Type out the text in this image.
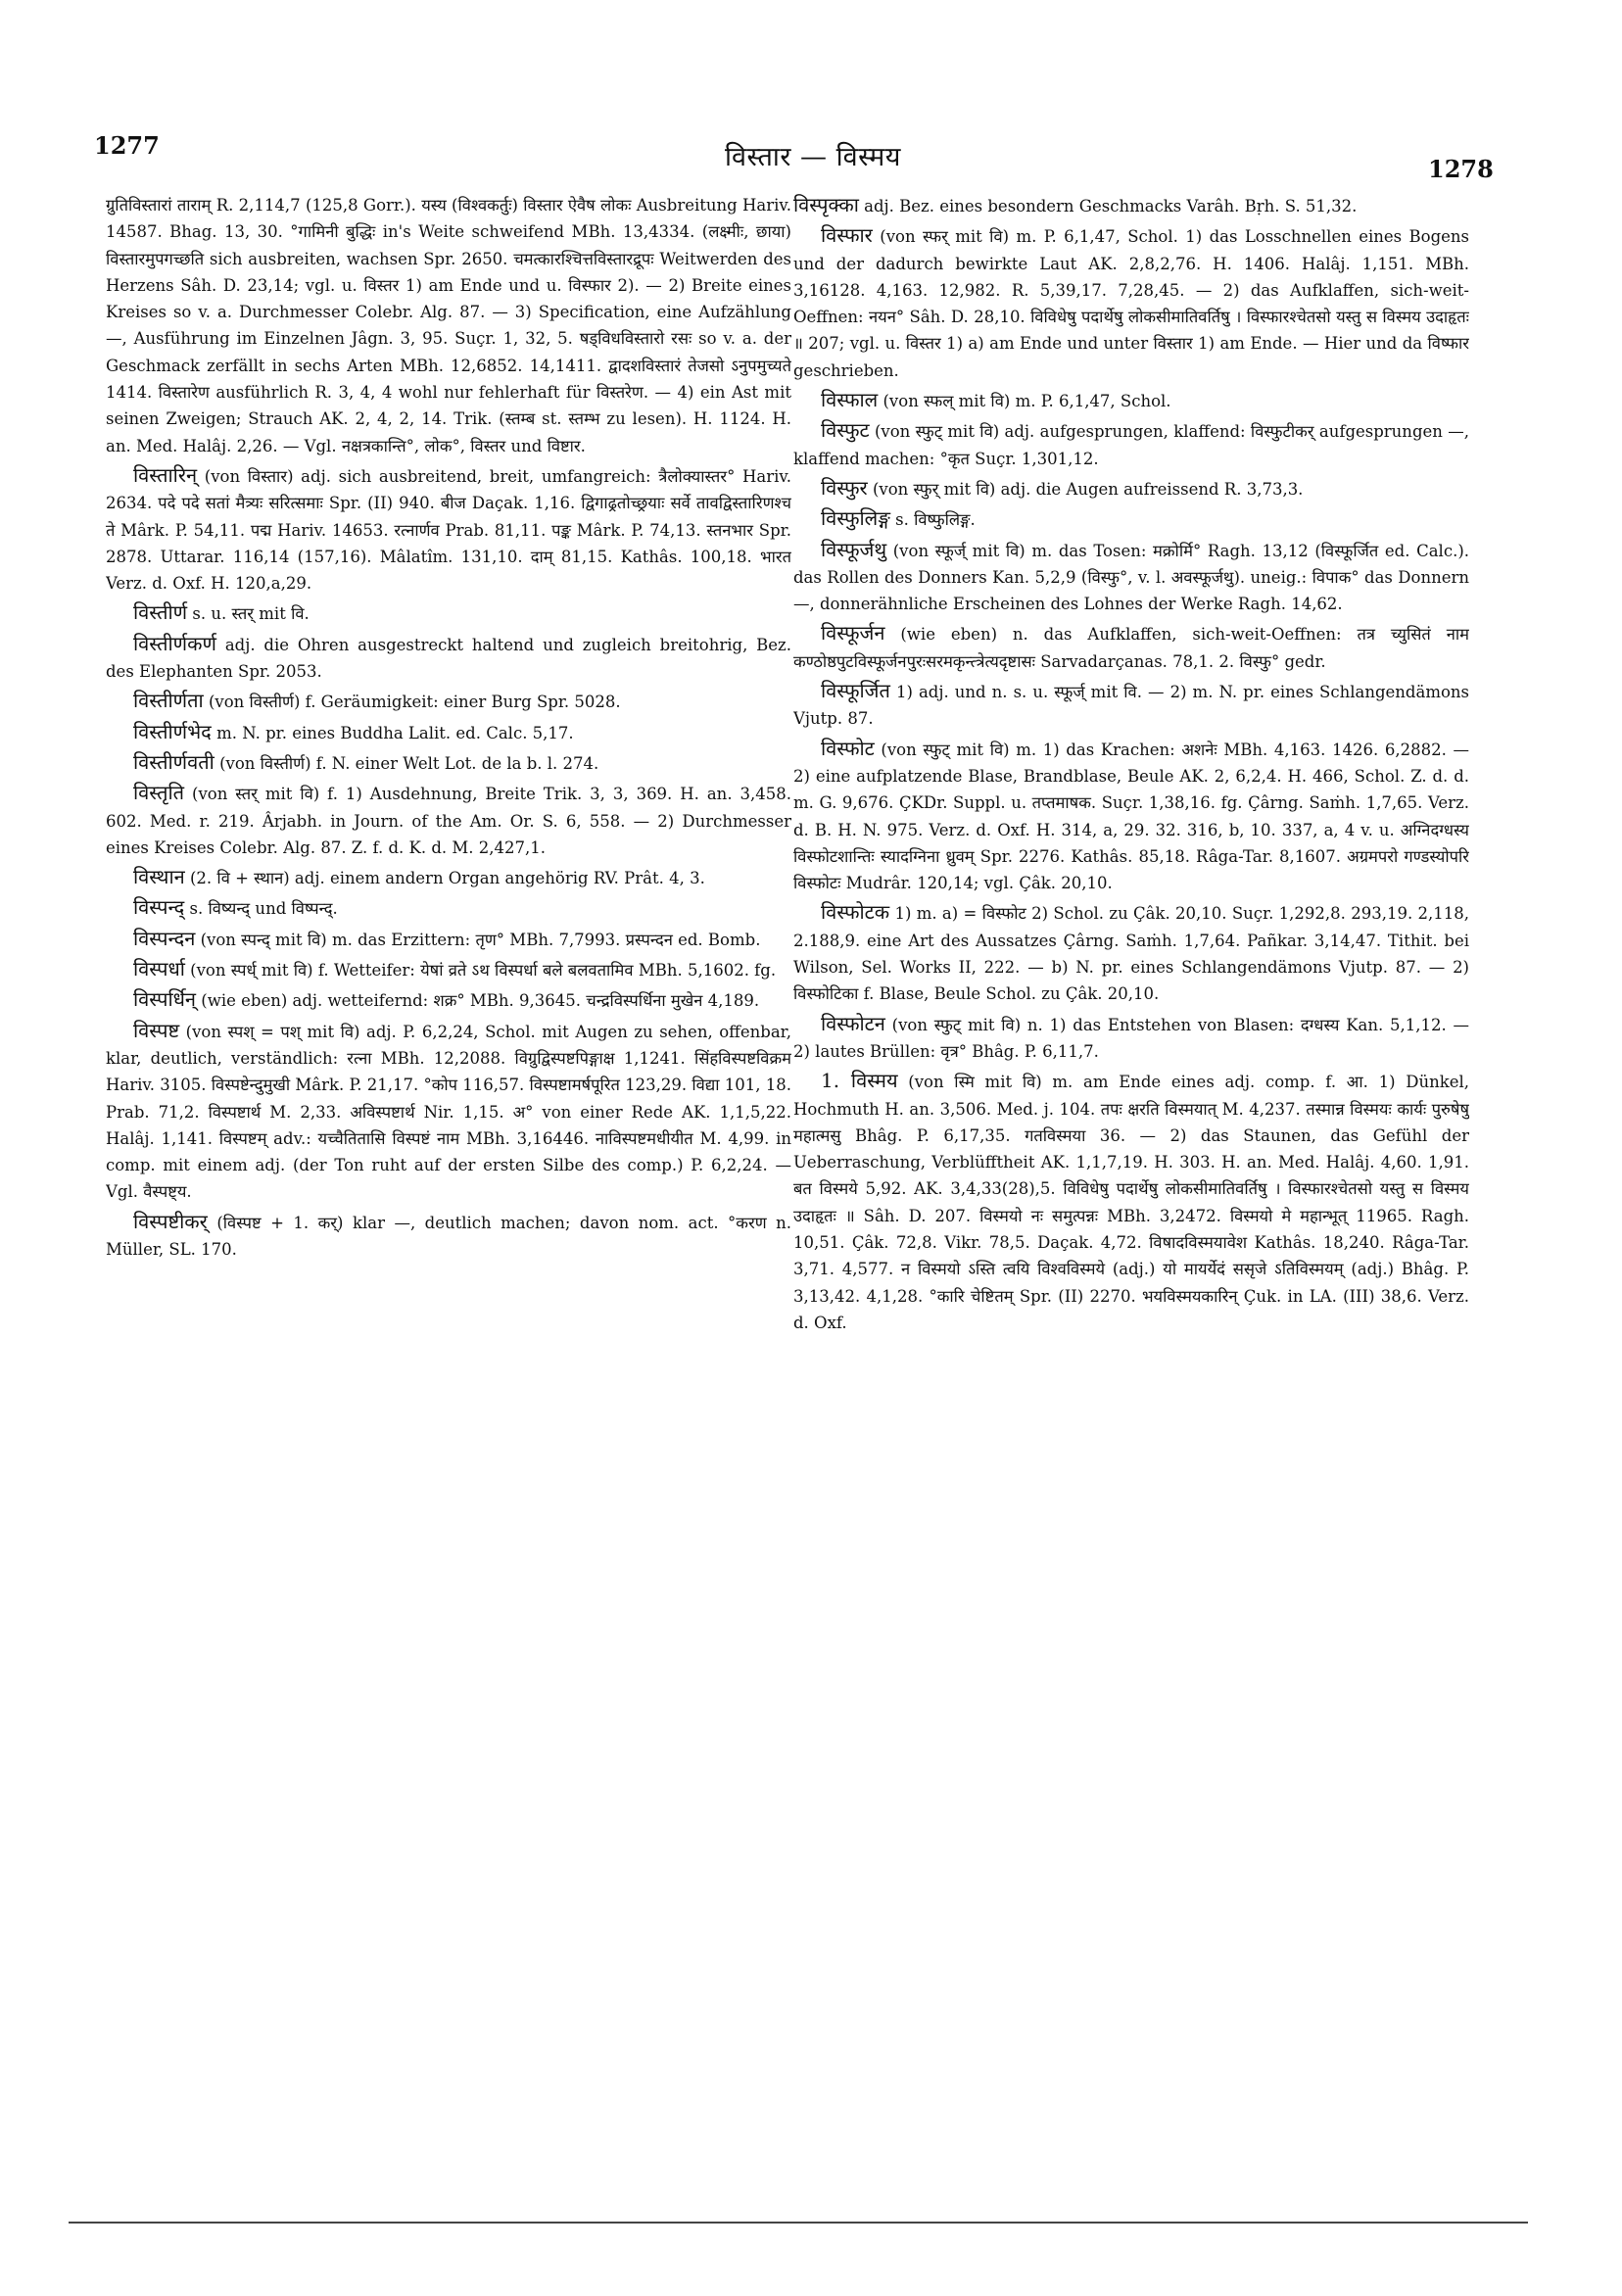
1277	विस्तार — विस्मय	1278

ग्रुतिविस्तारां ताराम् R. 2,114,7 (125,8 Gorr.). यस्य (विश्वकर्तुः) विस्तार ऐवैष लोकः Ausbreitung Hariv. 14587. Bhag. 13, 30. °गामिनी बुद्धिः in's Weite schweifend MBh. 13,4334. (लक्ष्मीः, छाया) विस्तारमुपगच्छति sich ausbreiten, wachsen Spr. 2650. चमत्कारश्चित्तविस्तारद्रूपः Weitwerden des Herzens Sâh. D. 23,14; vgl. u. विस्तर 1) am Ende und u. विस्फार 2). — 2) Breite eines Kreises so v. a. Durchmesser Colebr. Alg. 87. — 3) Specification, eine Aufzählung —, Ausführung im Einzelnen Jâgn. 3, 95. Suçr. 1, 32, 5. षड्विधविस्तारो रसः so v. a. der Geschmack zerfällt in sechs Arten MBh. 12,6852. 14,1411. द्वादशविस्तारं तेजसो ऽनुपमुच्यते 1414. विस्तारेण ausführlich R. 3, 4, 4 wohl nur fehlerhaft für विस्तरेण. — 4) ein Ast mit seinen Zweigen; Strauch AK. 2, 4, 2, 14. Trik. (स्तम्ब st. स्तम्भ zu lesen). H. 1124. H. an. Med. Halâj. 2,26. — Vgl. नक्षत्रकान्ति°, लोक°, विस्तर und विष्टार.

विस्तारिन् (von विस्तार) adj. sich ausbreitend, breit, umfangreich: त्रैलोक्यास्तर° Hariv. 2634. पदे पदे सतां मैत्र्यः सरित्समाः Spr. (II) 940. बीज Daçak. 1,16. द्विगाढ्रतोच्छ्रयाः सर्वे तावद्विस्तारिणश्च ते Mârk. P. 54,11. पद्म Hariv. 14653. रत्नार्णव Prab. 81,11. पङ्क Mârk. P. 74,13. स्तनभार Spr. 2878. Uttarar. 116,14 (157,16). Mâlatîm. 131,10. दाम् 81,15. Kathâs. 100,18. भारत Verz. d. Oxf. H. 120,a,29.

विस्तीर्ण s. u. स्तर् mit वि.

विस्तीर्णकर्ण adj. die Ohren ausgestreckt haltend und zugleich breitohrig, Bez. des Elephanten Spr. 2053.

विस्तीर्णता (von विस्तीर्ण) f. Geräumigkeit: einer Burg Spr. 5028.

विस्तीर्णभेद m. N. pr. eines Buddha Lalit. ed. Calc. 5,17.

विस्तीर्णवती (von विस्तीर्ण) f. N. einer Welt Lot. de la b. l. 274.

विस्तृति (von स्तर् mit वि) f. 1) Ausdehnung, Breite Trik. 3, 3, 369. H. an. 3,458. 602. Med. r. 219. Ârjabh. in Journ. of the Am. Or. S. 6, 558. — 2) Durchmesser eines Kreises Colebr. Alg. 87. Z. f. d. K. d. M. 2,427,1.

विस्थान (2. वि + स्थान) adj. einem andern Organ angehörig RV. Prât. 4, 3.

विस्पन्द् s. विष्यन्द् und विष्पन्द्.

विस्पन्दन (von स्पन्द् mit वि) m. das Erzittern: तृण° MBh. 7,7993. प्रस्पन्दन ed. Bomb.

विस्पर्धा (von स्पर्ध् mit वि) f. Wetteifer: येषां व्रते ऽथ विस्पर्धा बले बलवतामिव MBh. 5,1602. fg.

विस्पर्धिन् (wie eben) adj. wetteifernd: शक्र° MBh. 9,3645. चन्द्रविस्पर्धिना मुखेन 4,189.

विस्पष्ट (von स्पश् = पश् mit वि) adj. P. 6,2,24, Schol. mit Augen zu sehen, offenbar, klar, deutlich, verständlich: रत्ना MBh. 12,2088. विग्रुद्विस्पष्टपिङ्गाक्ष 1,1241. सिंहविस्पष्टविक्रम Hariv. 3105. विस्पष्टेन्दुमुखी Mârk. P. 21,17. °कोप 116,57. विस्पष्टामर्षपूरित 123,29. विद्या 101, 18. Prab. 71,2. विस्पष्टार्थ M. 2,33. अविस्पष्टार्थ Nir. 1,15. अ° von einer Rede AK. 1,1,5,22. Halâj. 1,141. विस्पष्टम् adv.: यच्चैतितासि विस्पष्टं नाम MBh. 3,16446. नाविस्पष्टमधीयीत M. 4,99. in comp. mit einem adj. (der Ton ruht auf der ersten Silbe des comp.) P. 6,2,24. — Vgl. वैस्पष्ट्य.

विस्पष्टीकर् (विस्पष्ट + 1. कर्) klar —, deutlich machen; davon nom. act. °करण n. Müller, SL. 170.

विस्पृक्का adj. Bez. eines besondern Geschmacks Varâh. Bṛh. S. 51,32.

विस्फार (von स्फर् mit वि) m. P. 6,1,47, Schol. 1) das Losschnellen eines Bogens und der dadurch bewirkte Laut AK. 2,8,2,76. H. 1406. Halâj. 1,151. MBh. 3,16128. 4,163. 12,982. R. 5,39,17. 7,28,45. — 2) das Aufklaffen, sich-weit-Oeffnen: नयन° Sâh. D. 28,10. विविधेषु पदार्थेषु लोकसीमातिवर्तिषु । विस्फारश्चेतसो यस्तु स विस्मय उदाहृतः ॥ 207; vgl. u. विस्तर 1) a) am Ende und unter विस्तार 1) am Ende. — Hier und da विष्फार geschrieben.

विस्फाल (von स्फल् mit वि) m. P. 6,1,47, Schol.

विस्फुट (von स्फुट् mit वि) adj. aufgesprungen, klaffend: विस्फुटीकर् aufgesprungen —, klaffend machen: °कृत Suçr. 1,301,12.

विस्फुर (von स्फुर् mit वि) adj. die Augen aufreissend R. 3,73,3.

विस्फुलिङ्ग s. विष्फुलिङ्ग.

विस्फूर्जथु (von स्फूर्ज् mit वि) m. das Tosen: मक्रोर्मि° Ragh. 13,12 (विस्फूर्जित ed. Calc.). das Rollen des Donners Kan. 5,2,9 (विस्फु°, v. l. अवस्फूर्जथु). uneig.: विपाक° das Donnern —, donnerähnliche Erscheinen des Lohnes der Werke Ragh. 14,62.

विस्फूर्जन (wie eben) n. das Aufklaffen, sich-weit-Oeffnen: तत्र च्युसितं नाम कण्ठोष्ठपुटविस्फूर्जनपुरःसरमकृन्त्त्रेत्यदृष्टासः Sarvadarçanas. 78,1. 2. विस्फु° gedr.

विस्फूर्जित 1) adj. und n. s. u. स्फूर्ज् mit वि. — 2) m. N. pr. eines Schlangendämons Vjutp. 87.

विस्फोट (von स्फुट् mit वि) m. 1) das Krachen: अशनेः MBh. 4,163. 1426. 6,2882. — 2) eine aufplatzende Blase, Brandblase, Beule AK. 2, 6,2,4. H. 466, Schol. Z. d. d. m. G. 9,676. ÇKDr. Suppl. u. तप्तमाषक. Suçr. 1,38,16. fg. Çârng. Saṁh. 1,7,65. Verz. d. B. H. N. 975. Verz. d. Oxf. H. 314, a, 29. 32. 316, b, 10. 337, a, 4 v. u. अग्निदग्धस्य विस्फोटशान्तिः स्यादग्निना ध्रुवम् Spr. 2276. Kathâs. 85,18. Râga-Tar. 8,1607. अग्रमपरो गण्डस्योपरि विस्फोटः Mudrâr. 120,14; vgl. Çâk. 20,10.

विस्फोटक 1) m. a) = विस्फोट 2) Schol. zu Çâk. 20,10. Suçr. 1,292,8. 293,19. 2,118, 2.188,9. eine Art des Aussatzes Çârng. Saṁh. 1,7,64. Pañkar. 3,14,47. Tithit. bei Wilson, Sel. Works II, 222. — b) N. pr. eines Schlangendämons Vjutp. 87. — 2) विस्फोटिका f. Blase, Beule Schol. zu Çâk. 20,10.

विस्फोटन (von स्फुट् mit वि) n. 1) das Entstehen von Blasen: दग्धस्य Kan. 5,1,12. — 2) lautes Brüllen: वृत्र° Bhâg. P. 6,11,7.

1. विस्मय (von स्मि mit वि) m. am Ende eines adj. comp. f. आ. 1) Dünkel, Hochmuth H. an. 3,506. Med. j. 104. तपः क्षरति विस्मयात् M. 4,237. तस्मान्न विस्मयः कार्यः पुरुषेषु महात्मसु Bhâg. P. 6,17,35. गतविस्मया 36. — 2) das Staunen, das Gefühl der Ueberraschung, Verblüfftheit AK. 1,1,7,19. H. 303. H. an. Med. Halâj. 4,60. 1,91. बत विस्मये 5,92. AK. 3,4,33(28),5. विविधेषु पदार्थेषु लोकसीमातिवर्तिषु । विस्फारश्चेतसो यस्तु स विस्मय उदाहृतः ॥ Sâh. D. 207. विस्मयो नः समुत्पन्नः MBh. 3,2472. विस्मयो मे महान्भूत् 11965. Ragh. 10,51. Çâk. 72,8. Vikr. 78,5. Daçak. 4,72. विषादविस्मयावेश Kathâs. 18,240. Râga-Tar. 3,71. 4,577. न विस्मयो ऽस्ति त्वयि विश्वविस्मये (adj.) यो मायर्येदं ससृजे ऽतिविस्मयम् (adj.) Bhâg. P. 3,13,42. 4,1,28. °कारि चेष्टितम् Spr. (II) 2270. भयविस्मयकारिन् Çuk. in LA. (III) 38,6. Verz. d. Oxf.
